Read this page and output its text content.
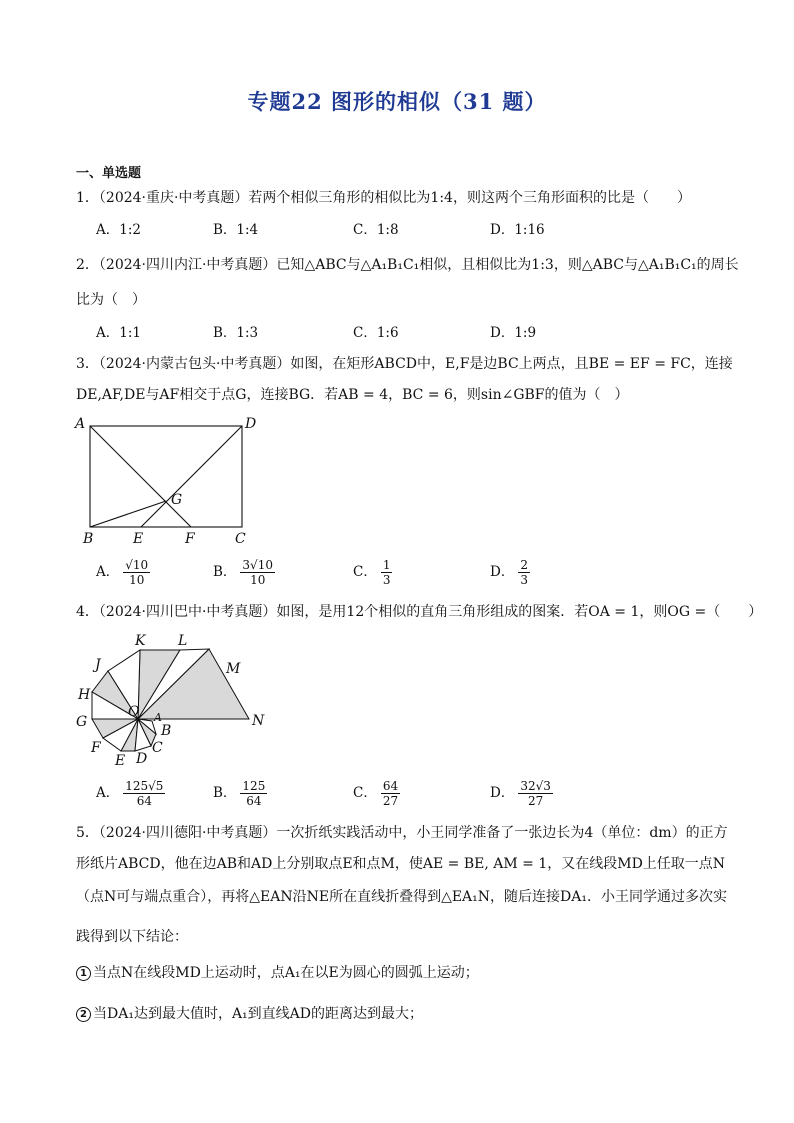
专题22 图形的相似（31 题）
一、单选题
1．（2024·重庆·中考真题）若两个相似三角形的相似比为1:4，则这两个三角形面积的比是（　　）
A．1:2	B．1:4	C．1:8	D．1:16
2．（2024·四川内江·中考真题）已知△ABC与△A₁B₁C₁相似，且相似比为1:3，则△ABC与△A₁B₁C₁的周长
比为（　）
A．1:1	B．1:3	C．1:6	D．1:9
3．（2024·内蒙古包头·中考真题）如图，在矩形ABCD中，E,F是边BC上两点，且BE = EF = FC，连接
DE,AF,DE与AF相交于点G，连接BG．若AB = 4，BC = 6，则sin∠GBF的值为（　）
A	D
G
B	E	F	C
A． $\frac{√10}{10}$	B． $\frac{3√10}{10}$	C． $\frac{1}{3}$	D． $\frac{2}{3}$
4．（2024·四川巴中·中考真题）如图，是用12个相似的直角三角形组成的图案．若OA = 1，则OG =（　　）
K L
J	M
H
G
O A
B
N
F	C
E D
A． $\frac{125√5}{64}$	B． $\frac{125}{64}$	C． $\frac{64}{27}$	D． $\frac{32√3}{27}$
5．（2024·四川德阳·中考真题）一次折纸实践活动中，小王同学准备了一张边长为4（单位：dm）的正方
形纸片ABCD，他在边AB和AD上分别取点E和点M，使AE = BE, AM = 1，又在线段MD上任取一点N
（点N可与端点重合），再将△EAN沿NE所在直线折叠得到△EA₁N，随后连接DA₁．小王同学通过多次实
践得到以下结论：
1 当点N在线段MD上运动时，点A₁在以E为圆心的圆弧上运动；
2 当DA₁达到最大值时，A₁到直线AD的距离达到最大；
